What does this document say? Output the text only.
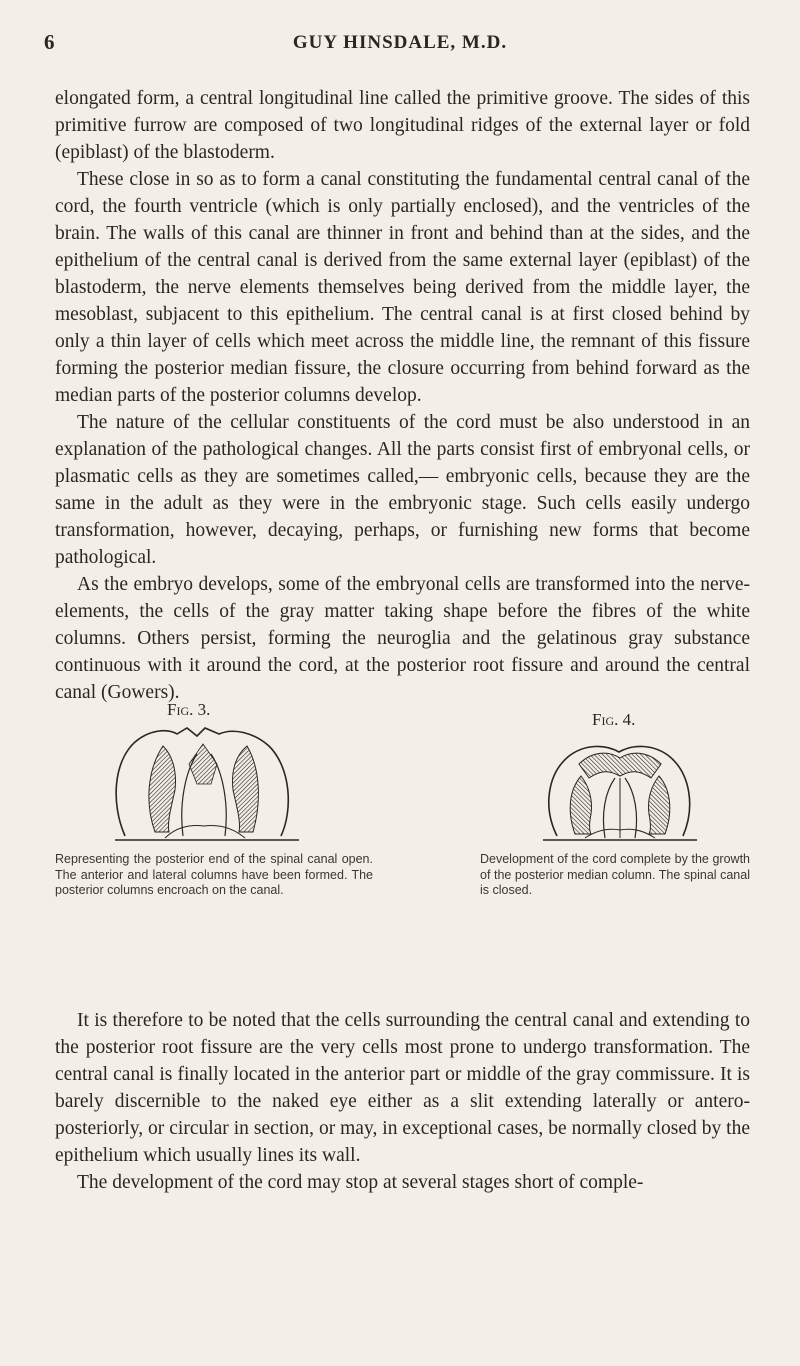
6	GUY HINSDALE, M.D.

elongated form, a central longitudinal line called the primitive groove. The sides of this primitive furrow are composed of two longitudinal ridges of the external layer or fold (epiblast) of the blastoderm.

These close in so as to form a canal constituting the fundamental central canal of the cord, the fourth ventricle (which is only partially enclosed), and the ventricles of the brain. The walls of this canal are thinner in front and behind than at the sides, and the epithelium of the central canal is derived from the same external layer (epiblast) of the blastoderm, the nerve elements themselves being derived from the middle layer, the mesoblast, subjacent to this epithelium. The central canal is at first closed behind by only a thin layer of cells which meet across the middle line, the remnant of this fissure forming the posterior median fissure, the closure occurring from behind forward as the median parts of the posterior columns develop.

The nature of the cellular constituents of the cord must be also understood in an explanation of the pathological changes. All the parts consist first of embryonal cells, or plasmatic cells as they are sometimes called,— embryonic cells, because they are the same in the adult as they were in the embryonic stage. Such cells easily undergo transformation, however, decaying, perhaps, or furnishing new forms that become pathological.

As the embryo develops, some of the embryonal cells are transformed into the nerve-elements, the cells of the gray matter taking shape before the fibres of the white columns. Others persist, forming the neuroglia and the gelatinous gray substance continuous with it around the cord, at the posterior root fissure and around the central canal (Gowers).

Fig. 3.
Representing the posterior end of the spinal canal open. The anterior and lateral columns have been formed. The posterior columns encroach on the canal.
Fig. 4.
Development of the cord complete by the growth of the posterior median column. The spinal canal is closed.

It is therefore to be noted that the cells surrounding the central canal and extending to the posterior root fissure are the very cells most prone to undergo transformation. The central canal is finally located in the anterior part or middle of the gray commissure. It is barely discernible to the naked eye either as a slit extending laterally or antero-posteriorly, or circular in section, or may, in exceptional cases, be normally closed by the epithelium which usually lines its wall.

The development of the cord may stop at several stages short of comple-
